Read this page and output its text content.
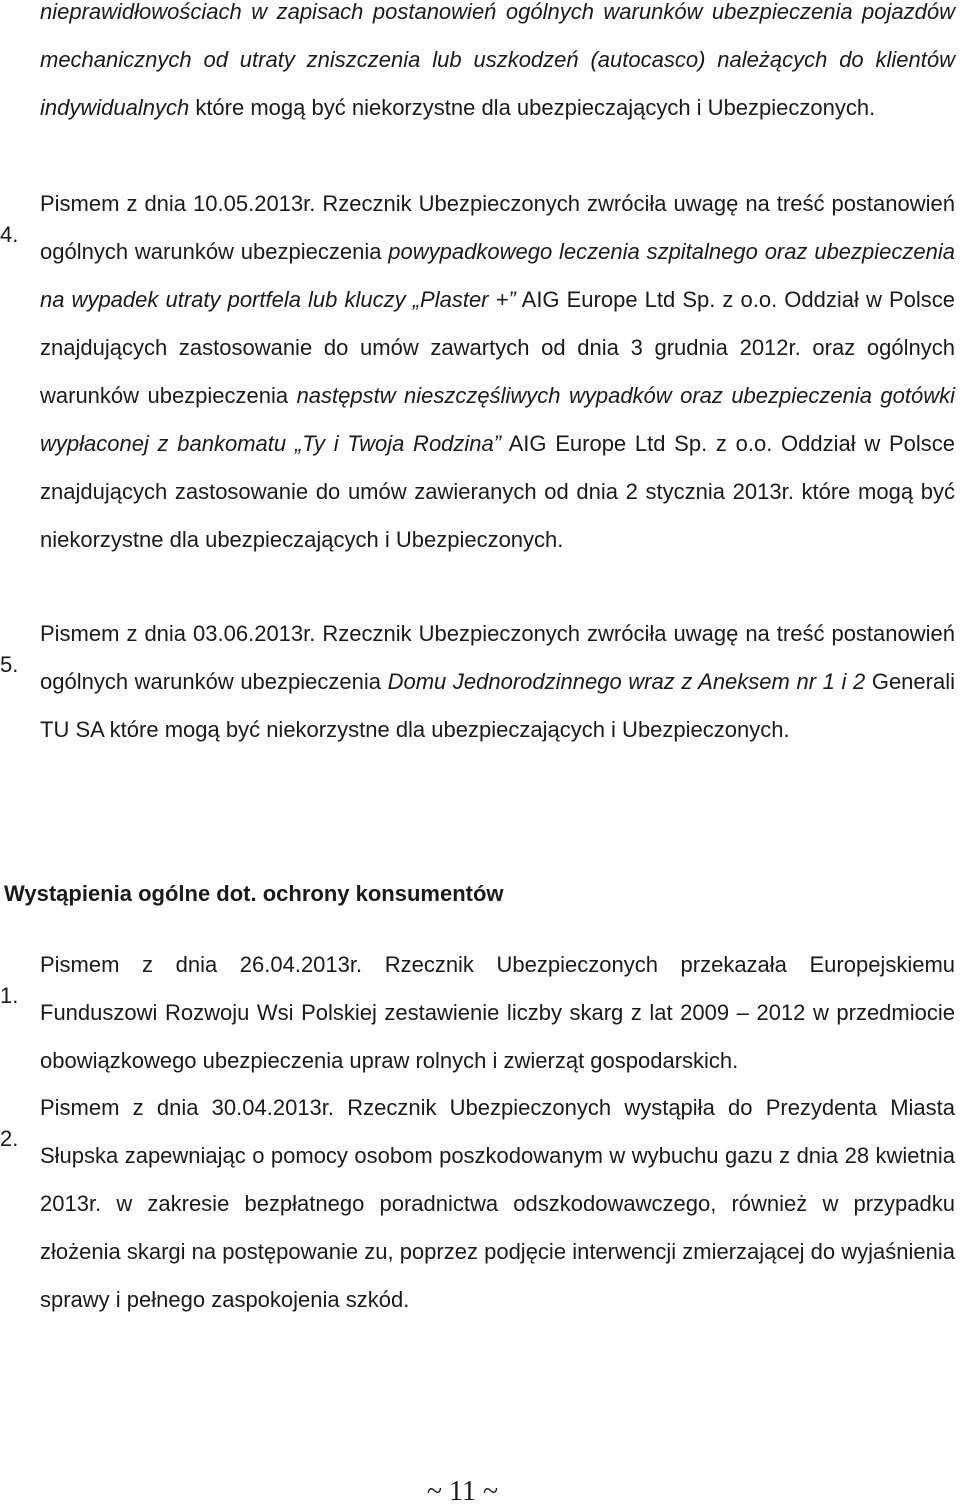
nieprawidłowościach w zapisach postanowień ogólnych warunków ubezpieczenia pojazdów mechanicznych od utraty zniszczenia lub uszkodzeń (autocasco) należących do klientów indywidualnych które mogą być niekorzystne dla ubezpieczających i Ubezpieczonych.

4.
Pismem z dnia 10.05.2013r. Rzecznik Ubezpieczonych zwróciła uwagę na treść postanowień ogólnych warunków ubezpieczenia powypadkowego leczenia szpitalnego oraz ubezpieczenia na wypadek utraty portfela lub kluczy „Plaster +” AIG Europe Ltd Sp. z o.o. Oddział w Polsce znajdujących zastosowanie do umów zawartych od dnia 3 grudnia 2012r. oraz ogólnych warunków ubezpieczenia następstw nieszczęśliwych wypadków oraz ubezpieczenia gotówki wypłaconej z bankomatu „Ty i Twoja Rodzina” AIG Europe Ltd Sp. z o.o. Oddział w Polsce znajdujących zastosowanie do umów zawieranych od dnia 2 stycznia 2013r. które mogą być niekorzystne dla ubezpieczających i Ubezpieczonych.

5.
Pismem z dnia 03.06.2013r. Rzecznik Ubezpieczonych zwróciła uwagę na treść postanowień ogólnych warunków ubezpieczenia Domu Jednorodzinnego wraz z Aneksem nr 1 i 2 Generali TU SA które mogą być niekorzystne dla ubezpieczających i Ubezpieczonych.

Wystąpienia ogólne dot. ochrony konsumentów

1.
Pismem z dnia 26.04.2013r. Rzecznik Ubezpieczonych przekazała Europejskiemu Funduszowi Rozwoju Wsi Polskiej zestawienie liczby skarg z lat 2009 – 2012 w przedmiocie obowiązkowego ubezpieczenia upraw rolnych i zwierząt gospodarskich.

2.
Pismem z dnia 30.04.2013r. Rzecznik Ubezpieczonych wystąpiła do Prezydenta Miasta Słupska zapewniając o pomocy osobom poszkodowanym w wybuchu gazu z dnia 28 kwietnia 2013r. w zakresie bezpłatnego poradnictwa odszkodowawczego, również w przypadku złożenia skargi na postępowanie zu, poprzez podjęcie interwencji zmierzającej do wyjaśnienia sprawy i pełnego zaspokojenia szkód.

~ 11 ~
